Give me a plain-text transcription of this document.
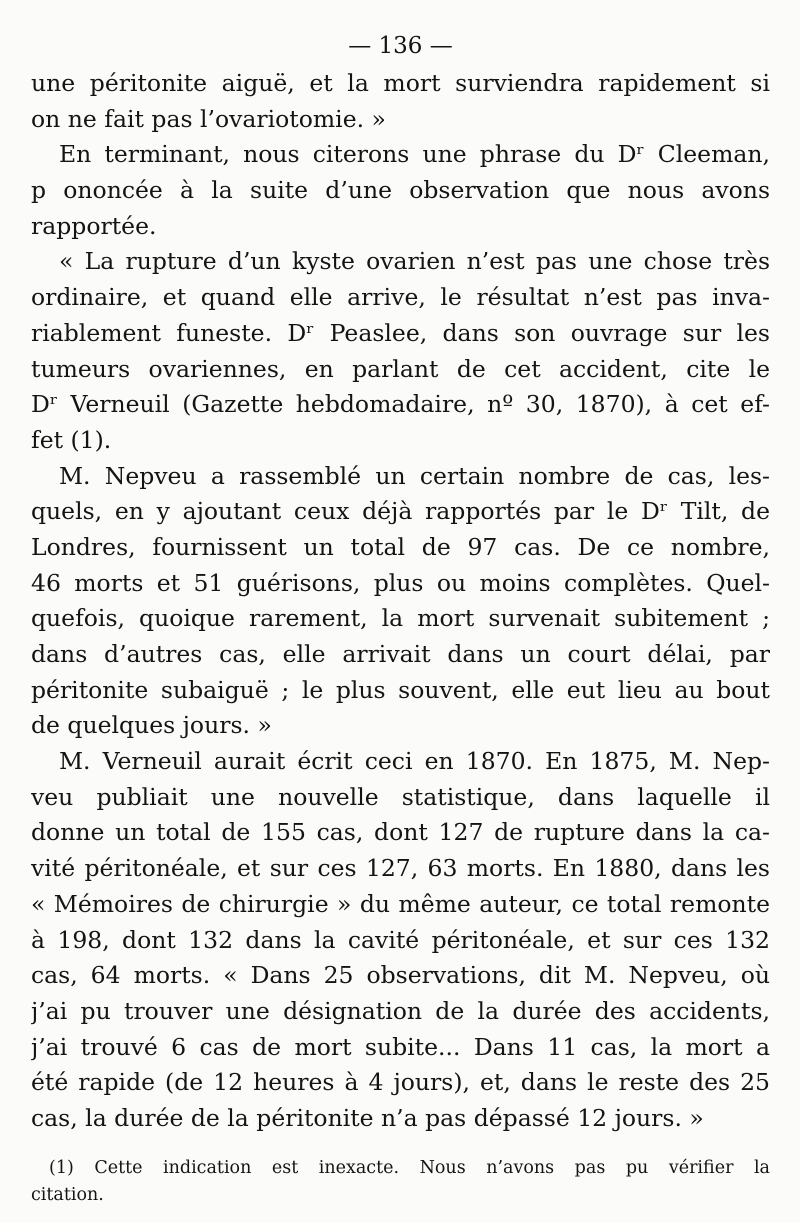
— 136 —
une péritonite aiguë, et la mort surviendra rapidement si
on ne fait pas l’ovariotomie. »
En terminant, nous citerons une phrase du Dʳ Cleeman,
p ononcée à la suite d’une observation que nous avons
rapportée.
« La rupture d’un kyste ovarien n’est pas une chose très
ordinaire, et quand elle arrive, le résultat n’est pas inva-
riablement funeste. Dʳ Peaslee, dans son ouvrage sur les
tumeurs ovariennes, en parlant de cet accident, cite le
Dʳ Verneuil (Gazette hebdomadaire, nº 30, 1870), à cet ef-
fet (1).
M. Nepveu a rassemblé un certain nombre de cas, les-
quels, en y ajoutant ceux déjà rapportés par le Dʳ Tilt, de
Londres, fournissent un total de 97 cas. De ce nombre,
46 morts et 51 guérisons, plus ou moins complètes. Quel-
quefois, quoique rarement, la mort survenait subitement ;
dans d’autres cas, elle arrivait dans un court délai, par
péritonite subaiguë ; le plus souvent, elle eut lieu au bout
de quelques jours. »
M. Verneuil aurait écrit ceci en 1870. En 1875, M. Nep-
veu publiait une nouvelle statistique, dans laquelle il
donne un total de 155 cas, dont 127 de rupture dans la ca-
vité péritonéale, et sur ces 127, 63 morts. En 1880, dans les
« Mémoires de chirurgie » du même auteur, ce total remonte
à 198, dont 132 dans la cavité péritonéale, et sur ces 132
cas, 64 morts. « Dans 25 observations, dit M. Nepveu, où
j’ai pu trouver une désignation de la durée des accidents,
j’ai trouvé 6 cas de mort subite... Dans 11 cas, la mort a
été rapide (de 12 heures à 4 jours), et, dans le reste des 25
cas, la durée de la péritonite n’a pas dépassé 12 jours. »
(1) Cette indication est inexacte. Nous n’avons pas pu vérifier la
citation.
